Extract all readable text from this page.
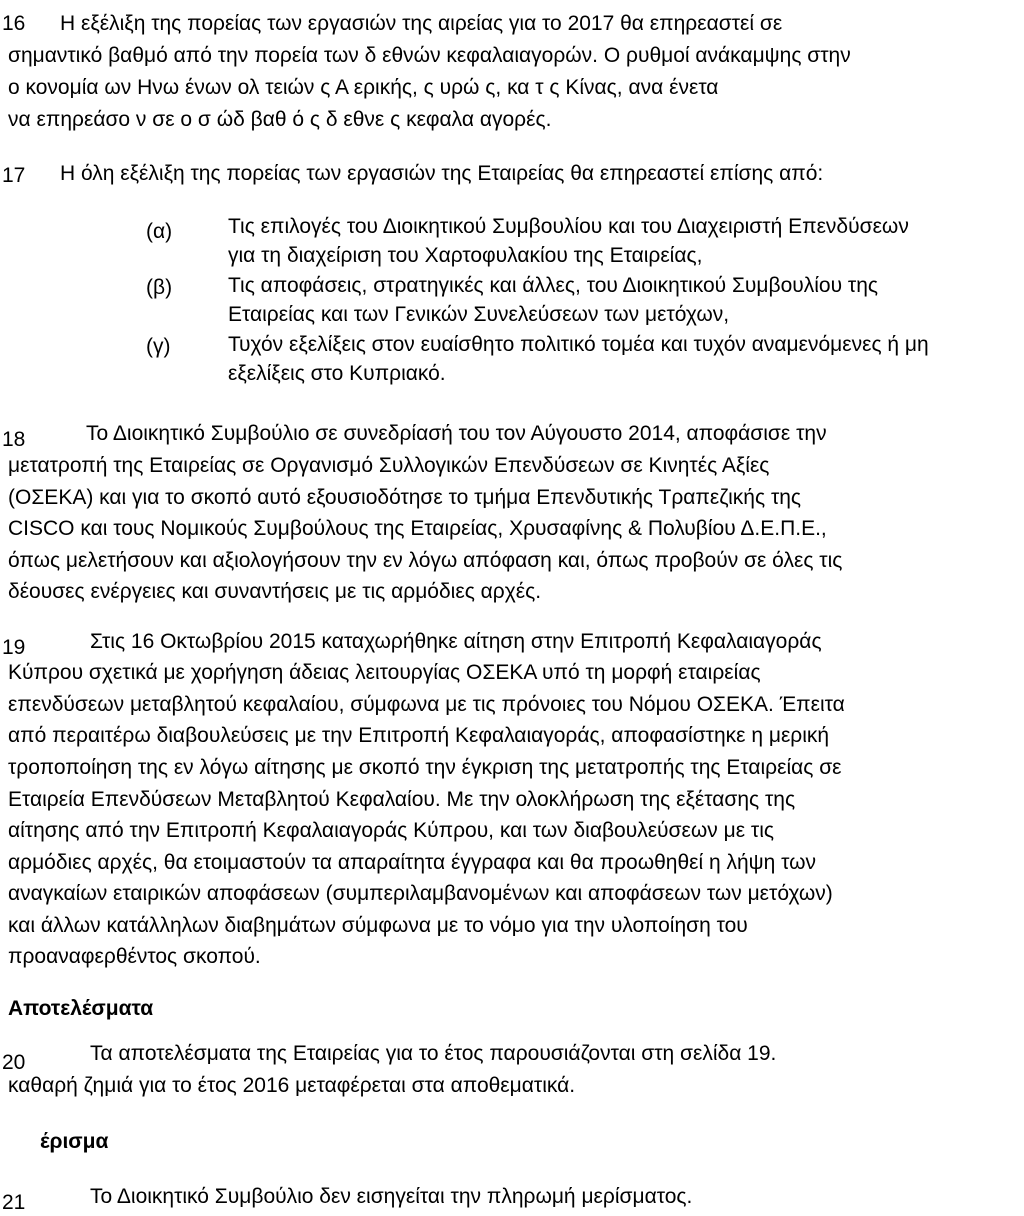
16 Η εξέλιξη της πορείας των εργασιών της αιρείας για το 2017 θα επηρεαστεί σε
σημαντικό βαθμό από την πορεία των δ εθνών κεφαλαιαγορών. Ο ρυθμοί ανάκαμψης στην
ο κονομία ων Ηνω ένων ολ τειών ς Α ερικής, ς υρώ ς, κα τ ς Κίνας, ανα ένετα
να επηρεάσο ν σε ο σ ώδ βαθ ό ς δ εθνε ς κεφαλα αγορές.
17 Η όλη εξέλιξη της πορείας των εργασιών της Εταιρείας θα επηρεαστεί επίσης από:
(α)	Τις επιλογές του Διοικητικού Συμβουλίου και του Διαχειριστή Επενδύσεων
για τη διαχείριση του Χαρτοφυλακίου της Εταιρείας,
(β)	Τις αποφάσεις, στρατηγικές και άλλες, του Διοικητικού Συμβουλίου της
Εταιρείας και των Γενικών Συνελεύσεων των μετόχων,
(γ)	Τυχόν εξελίξεις στον ευαίσθητο πολιτικό τομέα και τυχόν αναμενόμενες ή μη
εξελίξεις στο Κυπριακό.
18	Το Διοικητικό Συμβούλιο σε συνεδρίασή του τον Αύγουστο 2014, αποφάσισε την
μετατροπή της Εταιρείας σε Οργανισμό Συλλογικών Επενδύσεων σε Κινητές Αξίες
(ΟΣΕΚΑ) και για το σκοπό αυτό εξουσιοδότησε το τμήμα Επενδυτικής Τραπεζικής της
CISCO και τους Νομικούς Συμβούλους της Εταιρείας, Χρυσαφίνης & Πολυβίου Δ.Ε.Π.Ε.,
όπως μελετήσουν και αξιολογήσουν την εν λόγω απόφαση και, όπως προβούν σε όλες τις
δέουσες ενέργειες και συναντήσεις με τις αρμόδιες αρχές.
19	Στις 16 Οκτωβρίου 2015 καταχωρήθηκε αίτηση στην Επιτροπή Κεφαλαιαγοράς
Κύπρου σχετικά με χορήγηση άδειας λειτουργίας ΟΣΕΚΑ υπό τη μορφή εταιρείας
επενδύσεων μεταβλητού κεφαλαίου, σύμφωνα με τις πρόνοιες του Νόμου ΟΣΕΚΑ. Έπειτα
από περαιτέρω διαβουλεύσεις με την Επιτροπή Κεφαλαιαγοράς, αποφασίστηκε η μερική
τροποποίηση της εν λόγω αίτησης με σκοπό την έγκριση της μετατροπής της Εταιρείας σε
Εταιρεία Επενδύσεων Μεταβλητού Κεφαλαίου. Με την ολοκλήρωση της εξέτασης της
αίτησης από την Επιτροπή Κεφαλαιαγοράς Κύπρου, και των διαβουλεύσεων με τις
αρμόδιες αρχές, θα ετοιμαστούν τα απαραίτητα έγγραφα και θα προωθηθεί η λήψη των
αναγκαίων εταιρικών αποφάσεων (συμπεριλαμβανομένων και αποφάσεων των μετόχων)
και άλλων κατάλληλων διαβημάτων σύμφωνα με το νόμο για την υλοποίηση του
προαναφερθέντος σκοπού.
Αποτελέσματα
20	Τα αποτελέσματα της Εταιρείας για το έτος παρουσιάζονται στη σελίδα 19.
καθαρή ζημιά για το έτος 2016 μεταφέρεται στα αποθεματικά.
έρισμα
21	Το Διοικητικό Συμβούλιο δεν εισηγείται την πληρωμή μερίσματος.
